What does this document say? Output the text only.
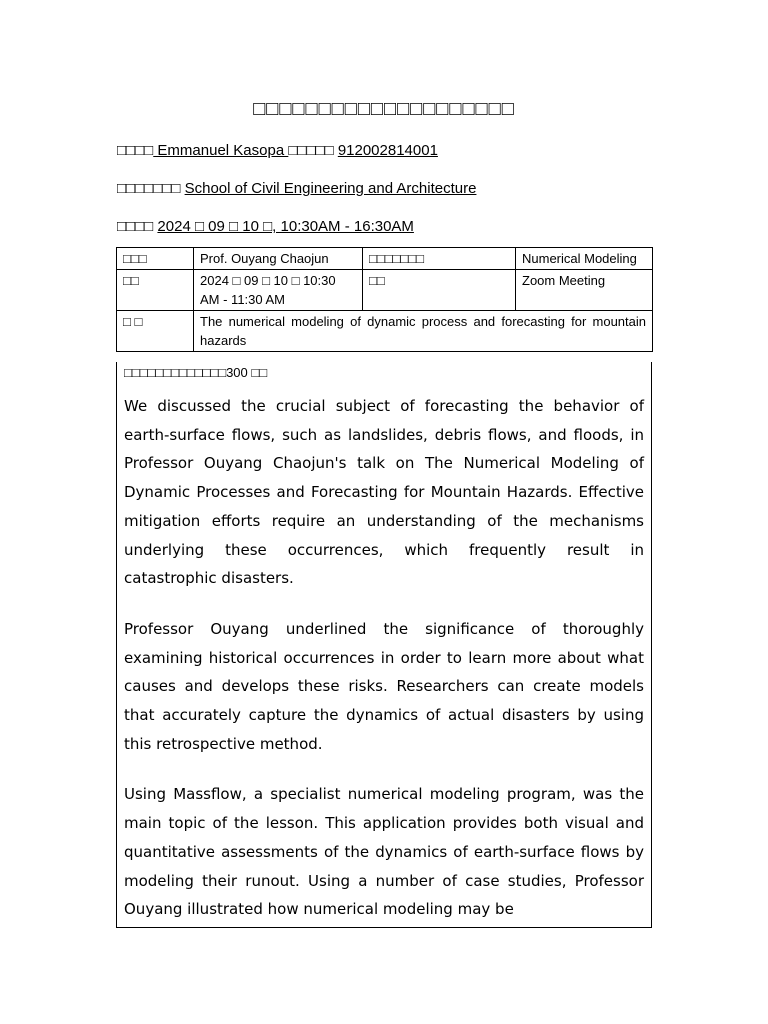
□□□□□□□□□□□□□□□□□□□□
□□□□ Emmanuel Kasopa □□□□□ 912002814001
□□□□□□□ School of Civil Engineering and Architecture
□□□□ 2024 □ 09 □ 10 □, 10:30AM - 16:30AM
□□□	Prof. Ouyang Chaojun	□□□□□□□	Numerical Modeling
□□	2024 □ 09 □ 10 □ 10:30 AM - 11:30 AM	□□	Zoom Meeting
□ □	The numerical modeling of dynamic process and forecasting for mountain hazards		
□□□□□□□□□□□□□300 □□

We discussed the crucial subject of forecasting the behavior of earth-surface flows, such as landslides, debris flows, and floods, in Professor Ouyang Chaojun's talk on The Numerical Modeling of Dynamic Processes and Forecasting for Mountain Hazards. Effective mitigation efforts require an understanding of the mechanisms underlying these occurrences, which frequently result in catastrophic disasters.

Professor Ouyang underlined the significance of thoroughly examining historical occurrences in order to learn more about what causes and develops these risks. Researchers can create models that accurately capture the dynamics of actual disasters by using this retrospective method.

Using Massflow, a specialist numerical modeling program, was the main topic of the lesson. This application provides both visual and quantitative assessments of the dynamics of earth-surface flows by modeling their runout. Using a number of case studies, Professor Ouyang illustrated how numerical modeling may be
